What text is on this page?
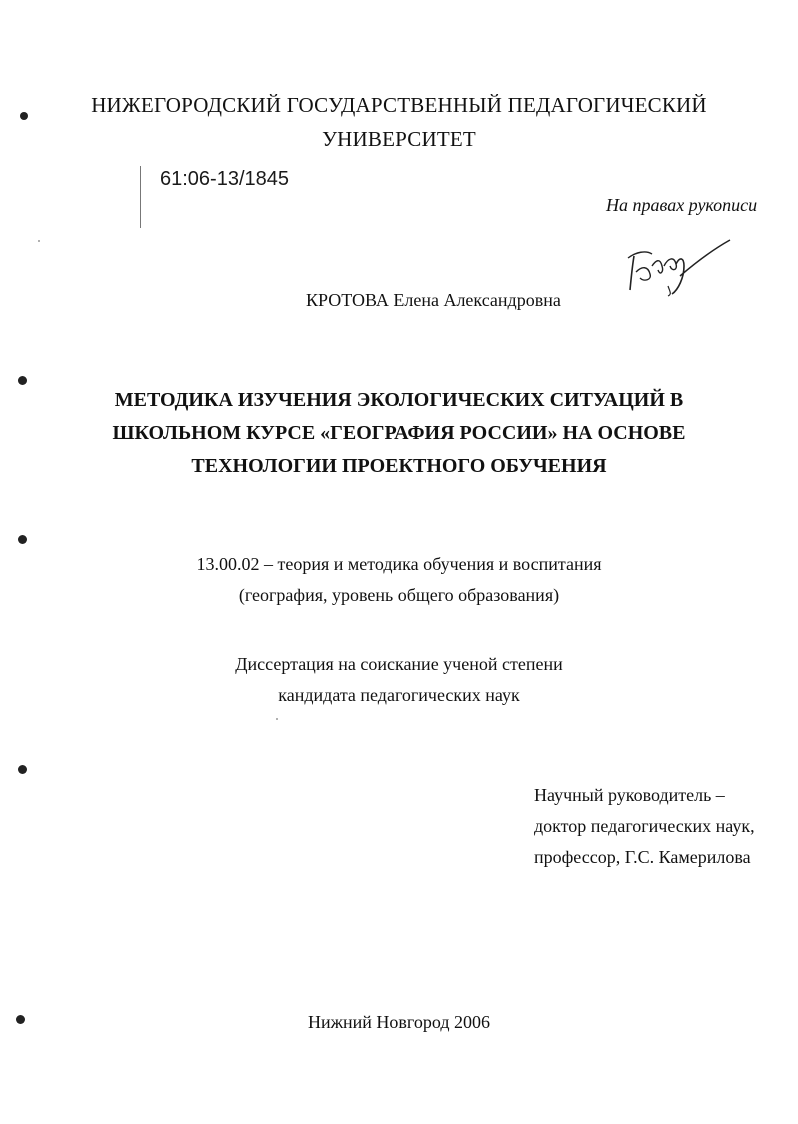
НИЖЕГОРОДСКИЙ ГОСУДАРСТВЕННЫЙ ПЕДАГОГИЧЕСКИЙ
УНИВЕРСИТЕТ
61:06-13/1845
На правах рукописи
КРОТОВА Елена Александровна
МЕТОДИКА ИЗУЧЕНИЯ ЭКОЛОГИЧЕСКИХ СИТУАЦИЙ В
ШКОЛЬНОМ КУРСЕ «ГЕОГРАФИЯ РОССИИ» НА ОСНОВЕ
ТЕХНОЛОГИИ ПРОЕКТНОГО ОБУЧЕНИЯ
13.00.02 – теория и методика обучения и воспитания
(география, уровень общего образования)
Диссертация на соискание ученой степени
кандидата педагогических наук
Научный руководитель –
доктор педагогических наук,
профессор, Г.С. Камерилова
Нижний Новгород 2006
